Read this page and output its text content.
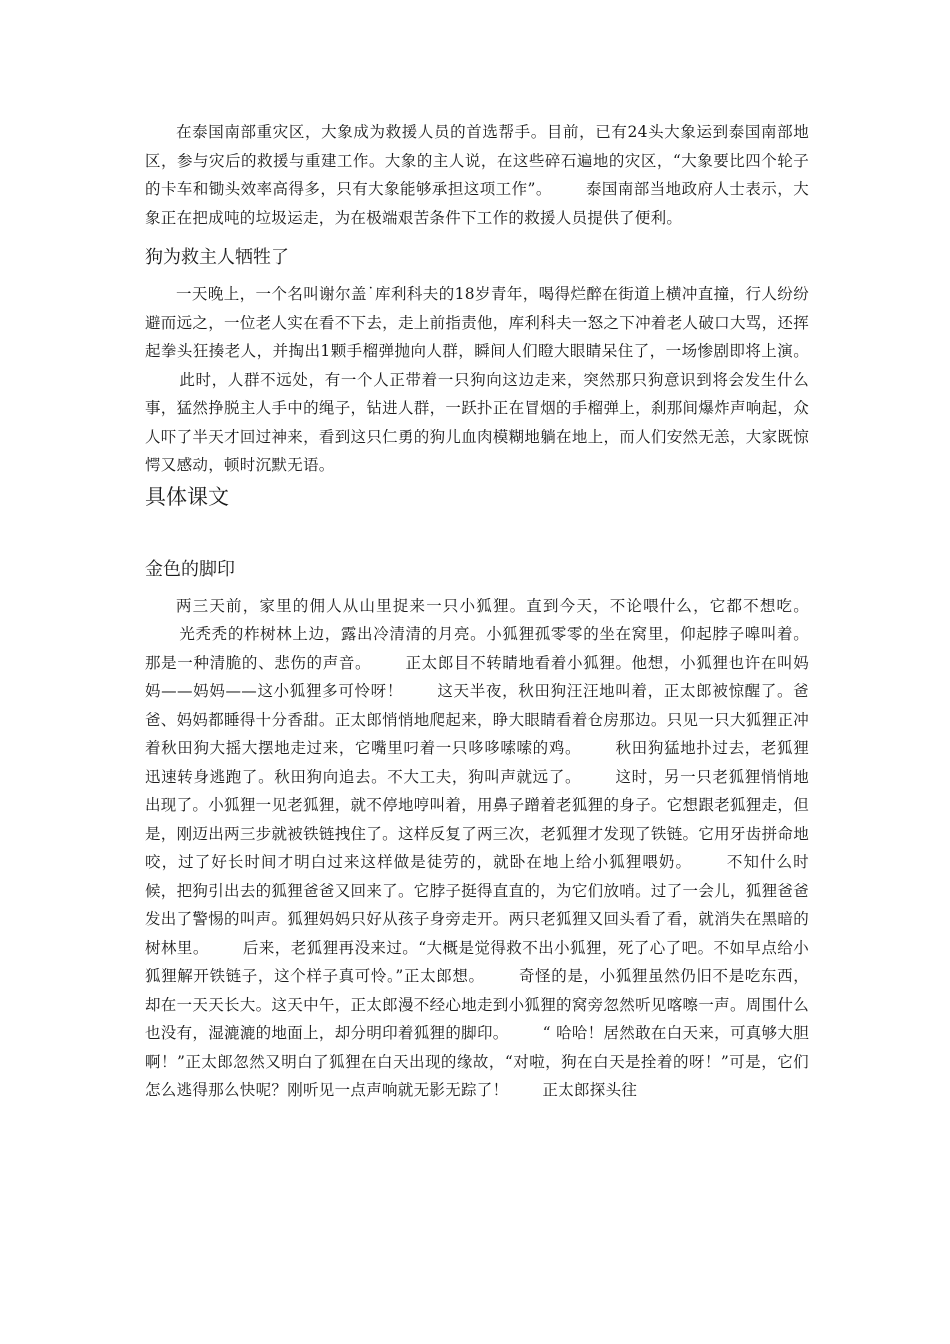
在泰国南部重灾区，大象成为救援人员的首选帮手。目前，已有24头大象运到泰国南部地区，参与灾后的救援与重建工作。大象的主人说，在这些碎石遍地的灾区，“大象要比四个轮子的卡车和锄头效率高得多，只有大象能够承担这项工作”。 泰国南部当地政府人士表示，大象正在把成吨的垃圾运走，为在极端艰苦条件下工作的救援人员提供了便利。

狗为救主人牺牲了

一天晚上，一个名叫谢尔盖˙库利科夫的18岁青年，喝得烂醉在街道上横冲直撞，行人纷纷避而远之，一位老人实在看不下去，走上前指责他，库利科夫一怒之下冲着老人破口大骂，还挥起拳头狂揍老人，并掏出1颗手榴弹抛向人群，瞬间人们瞪大眼睛呆住了，一场惨剧即将上演。此时，人群不远处，有一个人正带着一只狗向这边走来，突然那只狗意识到将会发生什么事，猛然挣脱主人手中的绳子，钻进人群，一跃扑正在冒烟的手榴弹上，刹那间爆炸声响起，众人吓了半天才回过神来，看到这只仁勇的狗儿血肉模糊地躺在地上，而人们安然无恙，大家既惊愕又感动，顿时沉默无语。

具体课文
金色的脚印

两三天前，家里的佣人从山里捉来一只小狐狸。直到今天，不论喂什么，它都不想吃。光秃秃的柞树林上边，露出冷清清的月亮。小狐狸孤零零的坐在窝里，仰起脖子嗥叫着。那是一种清脆的、悲伤的声音。 正太郎目不转睛地看着小狐狸。他想，小狐狸也许在叫妈妈——妈妈——这小狐狸多可怜呀！ 这天半夜，秋田狗汪汪地叫着，正太郎被惊醒了。爸爸、妈妈都睡得十分香甜。正太郎悄悄地爬起来，睁大眼睛看着仓房那边。只见一只大狐狸正冲着秋田狗大摇大摆地走过来，它嘴里叼着一只哆哆嗦嗦的鸡。 秋田狗猛地扑过去，老狐狸迅速转身逃跑了。秋田狗向追去。不大工夫，狗叫声就远了。 这时，另一只老狐狸悄悄地出现了。小狐狸一见老狐狸，就不停地哼叫着，用鼻子蹭着老狐狸的身子。它想跟老狐狸走，但是，刚迈出两三步就被铁链拽住了。这样反复了两三次，老狐狸才发现了铁链。它用牙齿拼命地咬，过了好长时间才明白过来这样做是徒劳的，就卧在地上给小狐狸喂奶。 不知什么时候，把狗引出去的狐狸爸爸又回来了。它脖子挺得直直的，为它们放哨。过了一会儿，狐狸爸爸发出了警惕的叫声。狐狸妈妈只好从孩子身旁走开。两只老狐狸又回头看了看，就消失在黑暗的树林里。 后来，老狐狸再没来过。“大概是觉得救不出小狐狸，死了心了吧。不如早点给小狐狸解开铁链子，这个样子真可怜。”正太郎想。 奇怪的是，小狐狸虽然仍旧不是吃东西，却在一天天长大。这天中午，正太郎漫不经心地走到小狐狸的窝旁忽然听见喀嚓一声。周围什么也没有，湿漉漉的地面上，却分明印着狐狸的脚印。 “ 哈哈！居然敢在白天来，可真够大胆啊！”正太郎忽然又明白了狐狸在白天出现的缘故，“对啦，狗在白天是拴着的呀！”可是，它们怎么逃得那么快呢？刚听见一点声响就无影无踪了！ 正太郎探头往
